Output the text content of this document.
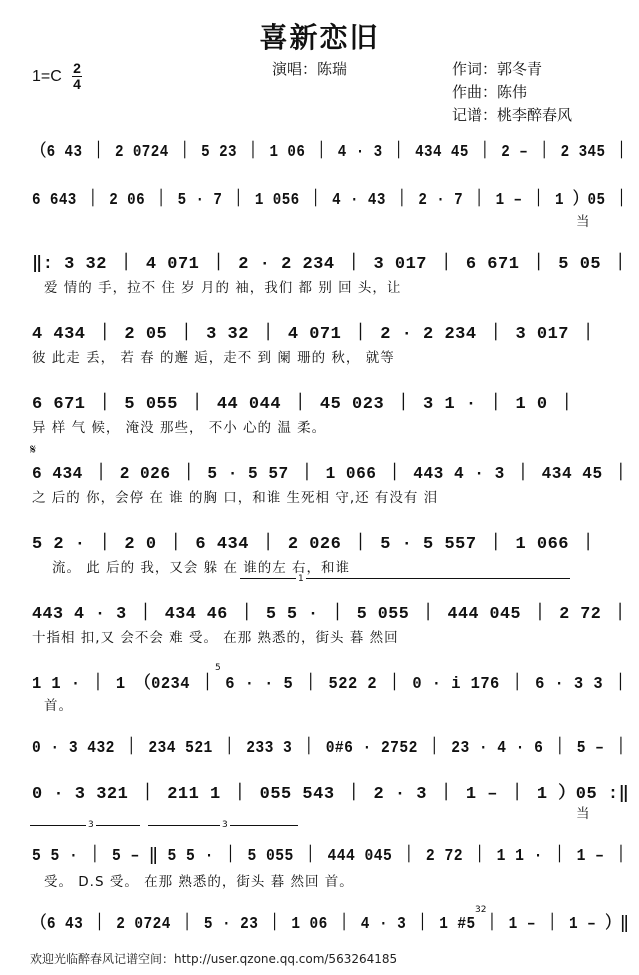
喜新恋旧
1=C 2
4
演唱：陈瑞	作词：郭冬青
作曲：陈伟
记谱：桃李醉春风
𝄋
1
3	3
5
32
（6 43 ｜ 2 0724 ｜ 5 23 ｜ 1 06 ｜ 4 · 3 ｜ 434 45 ｜ 2 – ｜ 2 345 ｜
6 643 ｜ 2 06 ｜ 5 · 7 ｜ 1 056 ｜ 4 · 43 ｜ 2 · 7 ｜ 1 – ｜ 1 ）05 ｜
当
‖: 3 32 ｜ 4 071 ｜ 2 · 2 234 ｜ 3 017 ｜ 6 671 ｜ 5 05 ｜
爱 情的 手，拉不 住 岁 月的 袖，我们 都 别 回 头，让
4 434 ｜ 2 05 ｜ 3 32 ｜ 4 071 ｜ 2 · 2 234 ｜ 3 017 ｜
彼 此走 丢， 若 春 的邂 逅，走不 到 阑 珊的 秋， 就等
6 671 ｜ 5 055 ｜ 44 044 ｜ 45 023 ｜ 3 1 · ｜ 1 0 ｜
异 样 气 候， 淹没 那些， 不小 心的 温 柔。
6 434 ｜ 2 026 ｜ 5 · 5 57 ｜ 1 066 ｜ 443 4 · 3 ｜ 434 45 ｜
之 后的 你，会停 在 谁 的胸 口，和谁 生死相 守,还 有没有 泪
5 2 · ｜ 2 0 ｜ 6 434 ｜ 2 026 ｜ 5 · 5 557 ｜ 1 066 ｜
流。 此 后的 我，又会 躲 在 谁的左 右，和谁
443 4 · 3 ｜ 434 46 ｜ 5 5 · ｜ 5 055 ｜ 444 045 ｜ 2 72 ｜
十指相 扣,又 会不会 难 受。 在那 熟悉的，街头 暮 然回
1 1 · ｜ 1 （0234 ｜ 6 · · 5 ｜ 522 2 ｜ 0 · i 176 ｜ 6 · 3 3 ｜
首。
0 · 3 432 ｜ 234 521 ｜ 233 3 ｜ 0#6 · 2752 ｜ 23 · 4 · 6 ｜ 5 – ｜
0 · 3 321 ｜ 211 1 ｜ 055 543 ｜ 2 · 3 ｜ 1 – ｜ 1 ）05 :‖
当
5 5 · ｜ 5 – ‖ 5 5 · ｜ 5 055 ｜ 444 045 ｜ 2 72 ｜ 1 1 · ｜ 1 – ｜
受。 D.S 受。 在那 熟悉的，街头 暮 然回 首。
（6 43 ｜ 2 0724 ｜ 5 · 23 ｜ 1 06 ｜ 4 · 3 ｜ 1 #5 ｜ 1 – ｜ 1 – ）‖
欢迎光临醉春风记谱空间：http://user.qzone.qq.com/563264185
